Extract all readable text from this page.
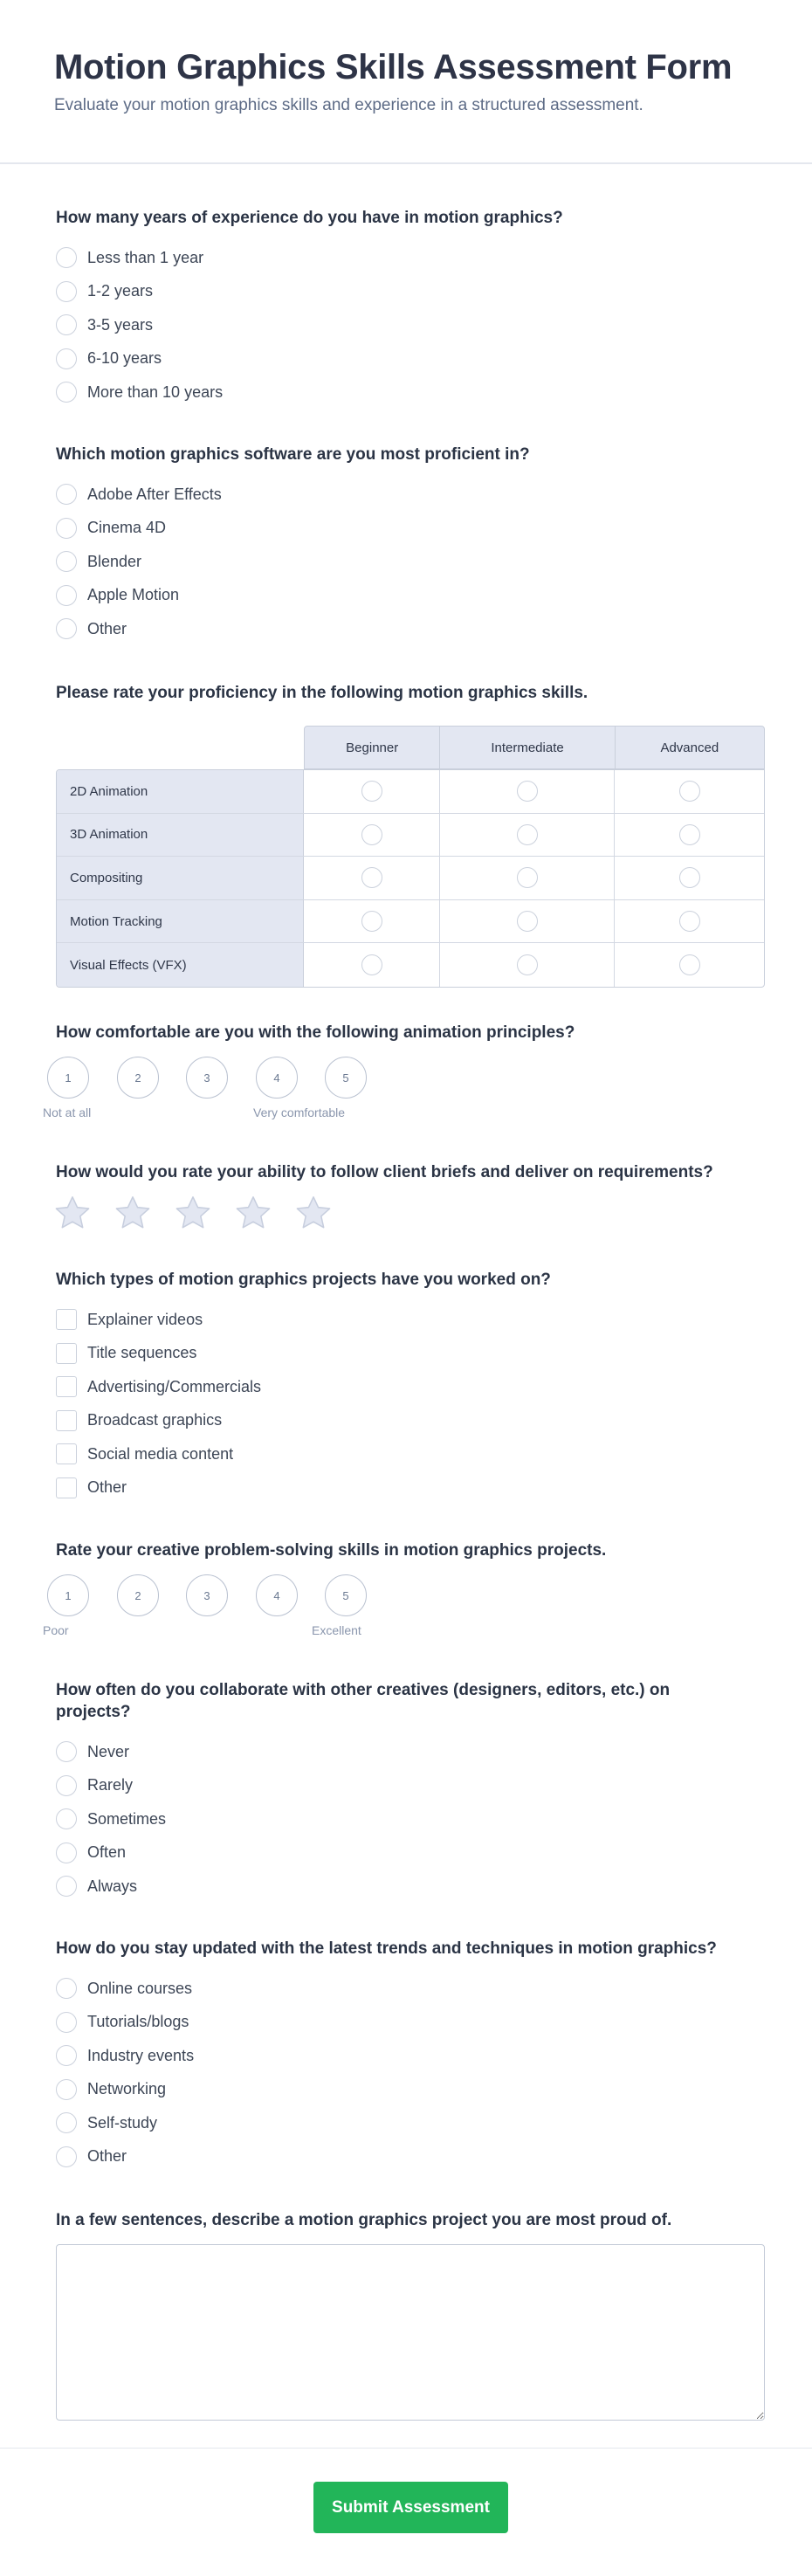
Motion Graphics Skills Assessment Form

Evaluate your motion graphics skills and experience in a structured assessment.

How many years of experience do you have in motion graphics?
Less than 1 year
1-2 years
3-5 years
6-10 years
More than 10 years
Which motion graphics software are you most proficient in?
Adobe After Effects
Cinema 4D
Blender
Apple Motion
Other
Please rate your proficiency in the following motion graphics skills.
Beginner	Intermediate	Advanced
2D Animation
3D Animation
Compositing
Motion Tracking
Visual Effects (VFX)
How comfortable are you with the following animation principles?
1	2	3	4	5
Not at all	Very comfortable
How would you rate your ability to follow client briefs and deliver on requirements?
Which types of motion graphics projects have you worked on?
Explainer videos
Title sequences
Advertising/Commercials
Broadcast graphics
Social media content
Other
Rate your creative problem-solving skills in motion graphics projects.
1	2	3	4	5
Poor	Excellent
How often do you collaborate with other creatives (designers, editors, etc.) on projects?
Never
Rarely
Sometimes
Often
Always
How do you stay updated with the latest trends and techniques in motion graphics?
Online courses
Tutorials/blogs
Industry events
Networking
Self-study
Other
In a few sentences, describe a motion graphics project you are most proud of.
Submit Assessment
